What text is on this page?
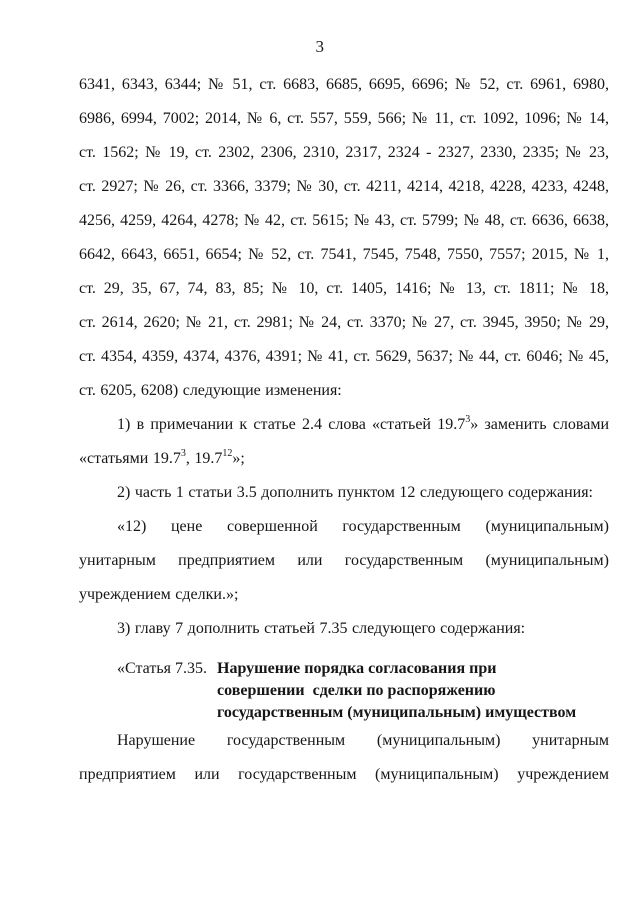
3
6341, 6343, 6344; № 51, ст. 6683, 6685, 6695, 6696; № 52, ст. 6961, 6980,
6986, 6994, 7002; 2014, № 6, ст. 557, 559, 566; № 11, ст. 1092, 1096; № 14,
ст. 1562; № 19, ст. 2302, 2306, 2310, 2317, 2324 - 2327, 2330, 2335; № 23,
ст. 2927; № 26, ст. 3366, 3379; № 30, ст. 4211, 4214, 4218, 4228, 4233, 4248,
4256, 4259, 4264, 4278; № 42, ст. 5615; № 43, ст. 5799; № 48, ст. 6636, 6638,
6642, 6643, 6651, 6654; № 52, ст. 7541, 7545, 7548, 7550, 7557; 2015, № 1,
ст. 29, 35, 67, 74, 83, 85; № 10, ст. 1405, 1416; № 13, ст. 1811; № 18,
ст. 2614, 2620; № 21, ст. 2981; № 24, ст. 3370; № 27, ст. 3945, 3950; № 29,
ст. 4354, 4359, 4374, 4376, 4391; № 41, ст. 5629, 5637; № 44, ст. 6046; № 45,
ст. 6205, 6208) следующие изменения:
1) в примечании к статье 2.4 слова «статьей 19.7$^3$» заменить словами
«статьями 19.7$^3$, 19.7$^{12}$»;
2) часть 1 статьи 3.5 дополнить пунктом 12 следующего содержания:
«12) цене совершенной государственным (муниципальным)
унитарным предприятием или государственным (муниципальным)
учреждением сделки.»;
3) главу 7 дополнить статьей 7.35 следующего содержания:
«Статья 7.35. Нарушение порядка согласования при
совершении  сделки по распоряжению
государственным (муниципальным) имуществом
Нарушение государственным (муниципальным) унитарным
предприятием или государственным (муниципальным) учреждением
